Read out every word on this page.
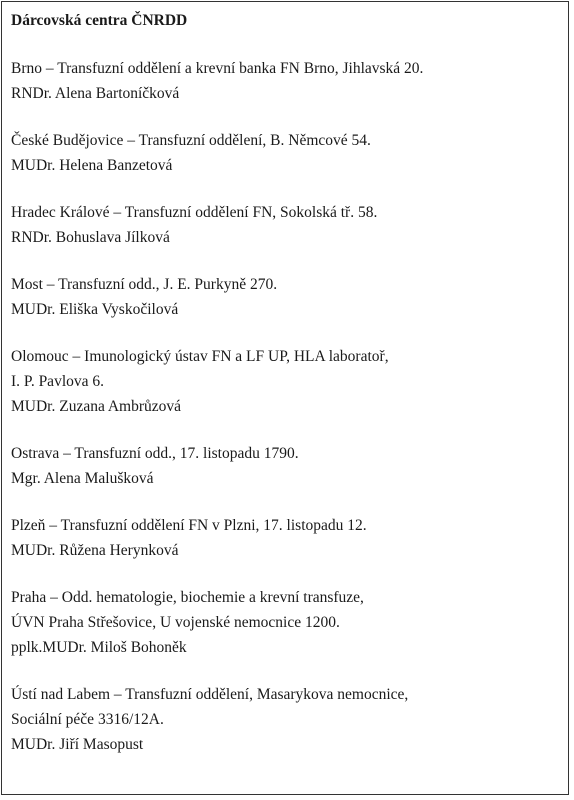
Dárcovská centra ČNRDD

Brno – Transfuzní oddělení a krevní banka FN Brno, Jihlavská 20.
RNDr. Alena Bartoníčková

České Budějovice – Transfuzní oddělení, B. Němcové 54.
MUDr. Helena Banzetová

Hradec Králové – Transfuzní oddělení FN, Sokolská tř. 58.
RNDr. Bohuslava Jílková

Most – Transfuzní odd., J. E. Purkyně 270.
MUDr. Eliška Vyskočilová

Olomouc – Imunologický ústav FN a LF UP, HLA laboratoř,
I. P. Pavlova 6.
MUDr. Zuzana Ambrůzová

Ostrava – Transfuzní odd., 17. listopadu 1790.
Mgr. Alena Malušková

Plzeň – Transfuzní oddělení FN v Plzni, 17. listopadu 12.
MUDr. Růžena Herynková

Praha – Odd. hematologie, biochemie a krevní transfuze,
ÚVN Praha Střešovice, U vojenské nemocnice 1200.
pplk.MUDr. Miloš Bohoněk

Ústí nad Labem – Transfuzní oddělení, Masarykova nemocnice,
Sociální péče 3316/12A.
MUDr. Jiří Masopust
